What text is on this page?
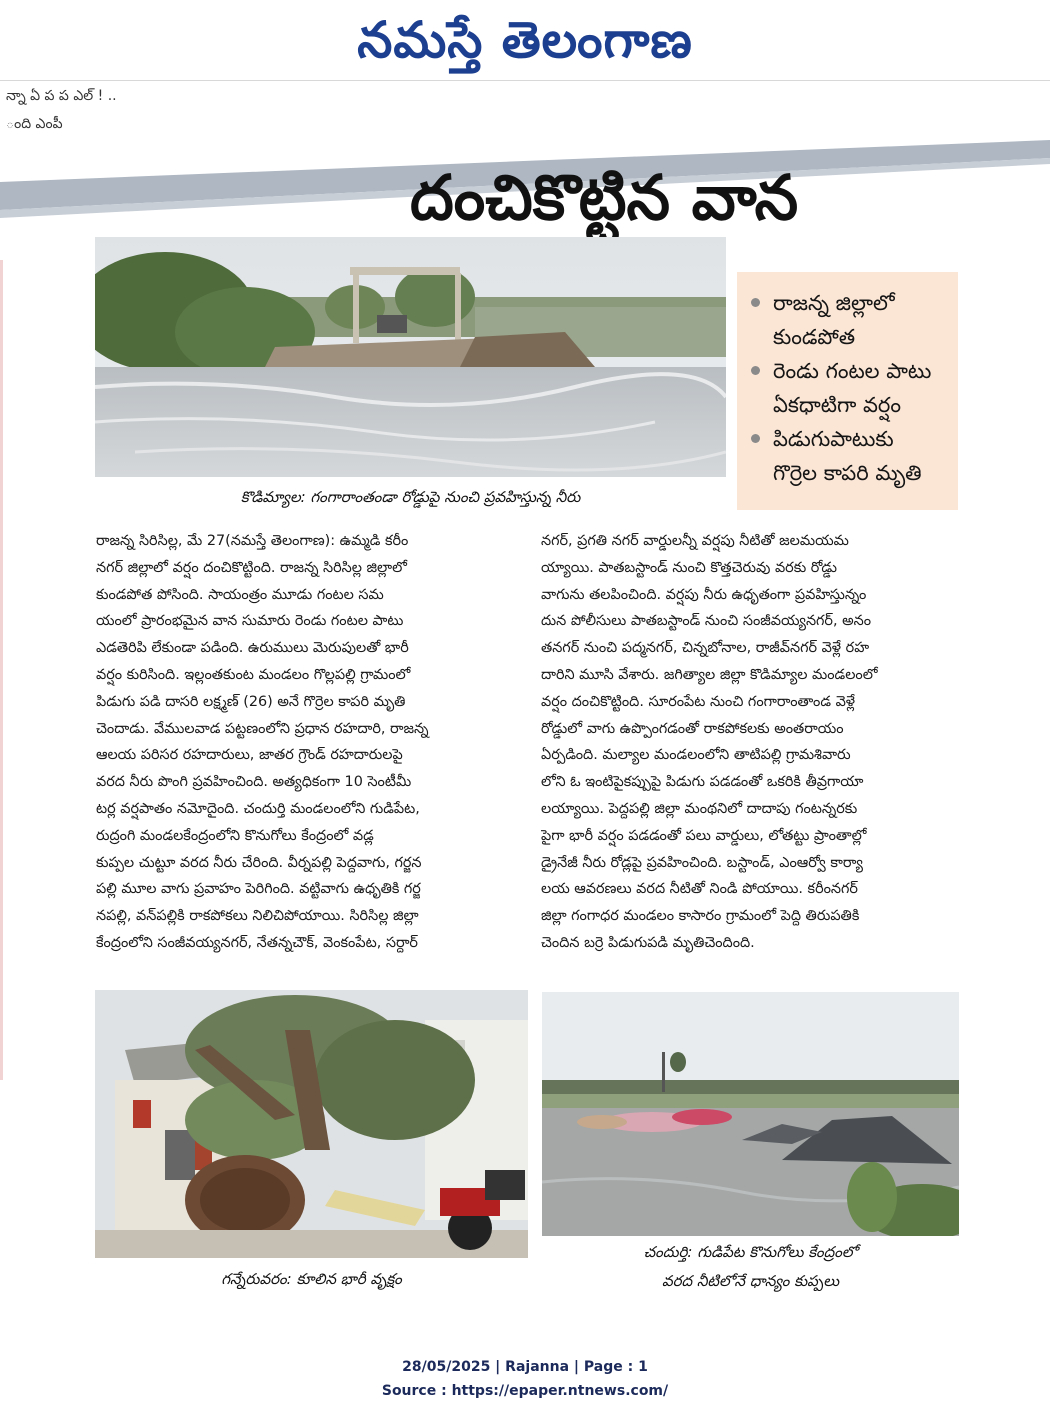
నమస్తే తెలంగాణ
న్నా ఏ ప ప ఎల్ ! ..
ంది ఎంపీ
దంచికొట్టిన వాన
కొడిమ్యాల: గంగారాంతండా రోడ్డుపై నుంచి ప్రవహిస్తున్న నీరు
రాజన్న జిల్లాలో
కుండపోత
రెండు గంటల పాటు
ఏకధాటిగా వర్షం
పిడుగుపాటుకు
గొర్రెల కాపరి మృతి
రాజన్న సిరిసిల్ల, మే 27(నమస్తే తెలంగాణ): ఉమ్మడి కరీం
నగర్ జిల్లాలో వర్షం దంచికొట్టింది. రాజన్న సిరిసిల్ల జిల్లాలో
కుండపోత పోసింది. సాయంత్రం మూడు గంటల సమ
యంలో ప్రారంభమైన వాన సుమారు రెండు గంటల పాటు
ఎడతెరిపి లేకుండా పడింది. ఉరుములు మెరుపులతో భారీ
వర్షం కురిసింది. ఇల్లంతకుంట మండలం గొల్లపల్లి గ్రామంలో
పిడుగు పడి దాసరి లక్ష్మణ్ (26) అనే గొర్రెల కాపరి మృతి
చెందాడు. వేములవాడ పట్టణంలోని ప్రధాన రహదారి, రాజన్న
ఆలయ పరిసర రహదారులు, జాతర గ్రౌండ్ రహదారులపై
వరద నీరు పొంగి ప్రవహించింది. అత్యధికంగా 10 సెంటీమీ
టర్ల వర్షపాతం నమోదైంది. చందుర్తి మండలంలోని గుడిపేట,
రుద్రంగి మండలకేంద్రంలోని కొనుగోలు కేంద్రంలో వడ్ల
కుప్పల చుట్టూ వరద నీరు చేరింది. వీర్నపల్లి పెద్దవాగు, గర్జన
పల్లి మూల వాగు ప్రవాహం పెరిగింది. వట్టివాగు ఉధృతికి గర్జ
నపల్లి, వన్‌పల్లికి రాకపోకలు నిలిచిపోయాయి. సిరిసిల్ల జిల్లా
కేంద్రంలోని సంజీవయ్యనగర్, నేతన్నచౌక్, వెంకంపేట, సర్దార్
నగర్, ప్రగతి నగర్ వార్డులన్నీ వర్షపు నీటితో జలమయమ
య్యాయి. పాతబస్టాండ్ నుంచి కొత్తచెరువు వరకు రోడ్డు
వాగును తలపించింది. వర్షపు నీరు ఉధృతంగా ప్రవహిస్తున్నం
దున పోలీసులు పాతబస్టాండ్ నుంచి సంజీవయ్యనగర్, అనం
తనగర్ నుంచి పద్మనగర్, చిన్నబోనాల, రాజీవ్‌నగర్ వెళ్లే రహ
దారిని మూసి వేశారు. జగిత్యాల జిల్లా కొడిమ్యాల మండలంలో
వర్షం దంచికొట్టింది. సూరంపేట నుంచి గంగారాంతాండ వెళ్లే
రోడ్డులో వాగు ఉప్పొంగడంతో రాకపోకలకు అంతరాయం
ఏర్పడింది. మల్యాల మండలంలోని తాటిపల్లి గ్రామశివారు
లోని ఓ ఇంటిపైకప్పుపై పిడుగు పడడంతో ఒకరికి తీవ్రగాయా
లయ్యాయి. పెద్దపల్లి జిల్లా మంథనిలో దాదాపు గంటన్నరకు
పైగా భారీ వర్షం పడడంతో పలు వార్డులు, లోతట్టు ప్రాంతాల్లో
డ్రైనేజీ నీరు రోడ్లపై ప్రవహించింది. బస్టాండ్, ఎంఆర్వో కార్యా
లయ ఆవరణలు వరద నీటితో నిండి పోయాయి. కరీంనగర్
జిల్లా గంగాధర మండలం కాసారం గ్రామంలో పెద్ది తిరుపతికి
చెందిన బర్రె పిడుగుపడి మృతిచెందింది.
గన్నేరువరం: కూలిన భారీ వృక్షం
చందుర్తి: గుడిపేట కొనుగోలు కేంద్రంలో
వరద నీటిలోనే ధాన్యం కుప్పలు
28/05/2025 | Rajanna | Page : 1
Source : https://epaper.ntnews.com/
